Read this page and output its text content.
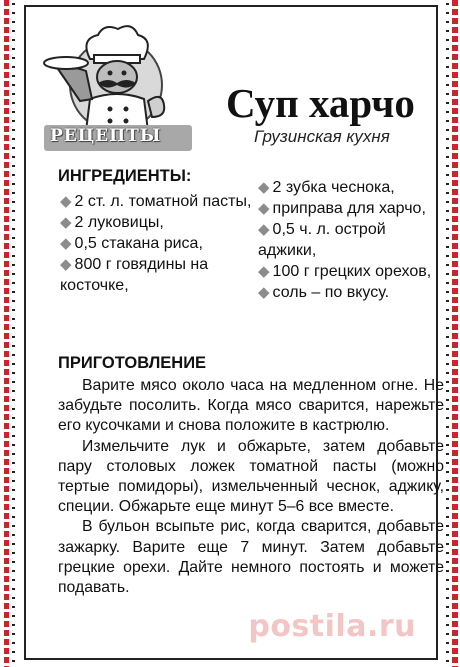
РЕЦЕПТЫ
Суп харчо
Грузинская кухня
ИНГРЕДИЕНТЫ:
◆ 2 ст. л. томатной пасты,
◆ 2 луковицы,
◆ 0,5 стакана риса,
◆ 800 г говядины на косточке,
◆ 2 зубка чеснока,
◆ приправа для харчо,
◆ 0,5 ч. л. острой аджики,
◆ 100 г грецких орехов,
◆ соль – по вкусу.
ПРИГОТОВЛЕНИЕ

Варите мясо около часа на медленном огне. Не забудьте посолить. Когда мясо сварится, нарежьте его кусочками и снова положите в кастрюлю.

Измельчите лук и обжарьте, затем добавьте пару столовых ложек томатной пасты (можно тертые помидоры), измельченный чеснок, аджику, специи. Обжарьте еще минут 5–6 все вместе.

В бульон всыпьте рис, когда сварится, добавьте зажарку. Варите еще 7 минут. Затем добавьте грецкие орехи. Дайте немного постоять и можете подавать.

postila.ru
